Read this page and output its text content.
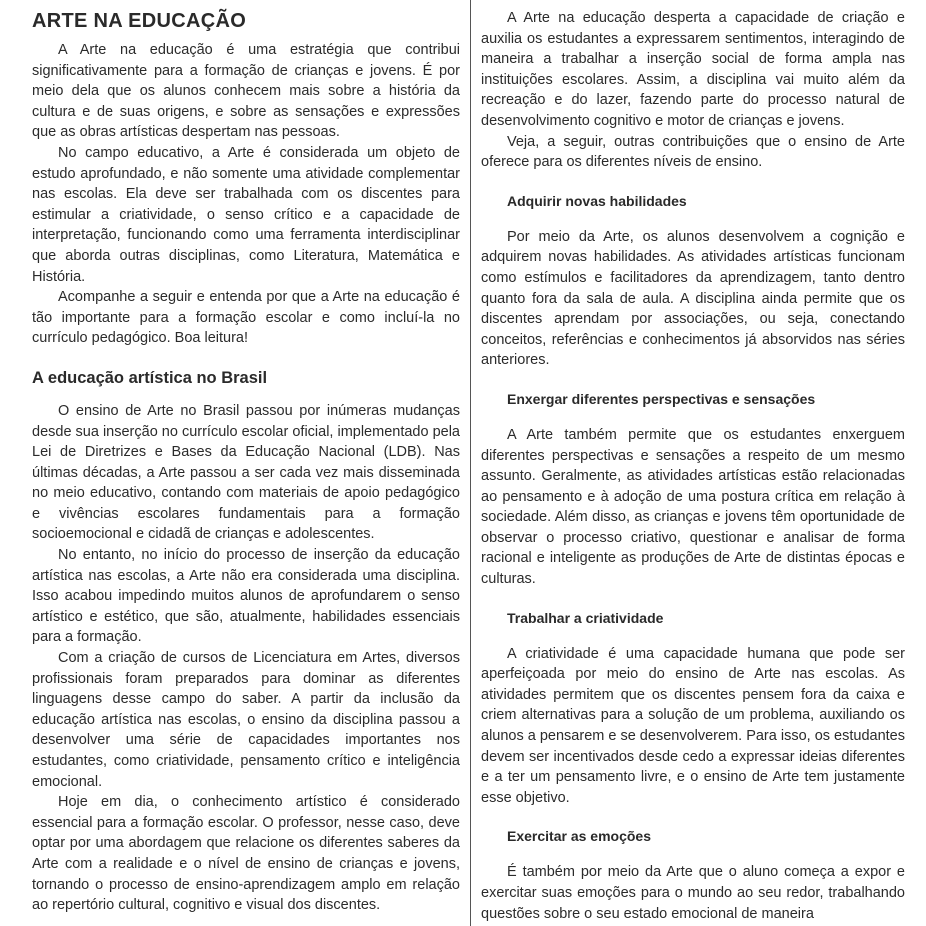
ARTE NA EDUCAÇÃO

A Arte na educação é uma estratégia que contribui significativamente para a formação de crianças e jovens. É por meio dela que os alunos conhecem mais sobre a história da cultura e de suas origens, e sobre as sensações e expressões que as obras artísticas despertam nas pessoas.

No campo educativo, a Arte é considerada um objeto de estudo aprofundado, e não somente uma atividade complementar nas escolas. Ela deve ser trabalhada com os discentes para estimular a criatividade, o senso crítico e a capacidade de interpretação, funcionando como uma ferramenta interdisciplinar que aborda outras disciplinas, como Literatura, Matemática e História.

Acompanhe a seguir e entenda por que a Arte na educação é tão importante para a formação escolar e como incluí-la no currículo pedagógico. Boa leitura!

A educação artística no Brasil

O ensino de Arte no Brasil passou por inúmeras mudanças desde sua inserção no currículo escolar oficial, implementado pela Lei de Diretrizes e Bases da Educação Nacional (LDB). Nas últimas décadas, a Arte passou a ser cada vez mais disseminada no meio educativo, contando com materiais de apoio pedagógico e vivências escolares fundamentais para a formação socioemocional e cidadã de crianças e adolescentes.

No entanto, no início do processo de inserção da educação artística nas escolas, a Arte não era considerada uma disciplina. Isso acabou impedindo muitos alunos de aprofundarem o senso artístico e estético, que são, atualmente, habilidades essenciais para a formação.

Com a criação de cursos de Licenciatura em Artes, diversos profissionais foram preparados para dominar as diferentes linguagens desse campo do saber. A partir da inclusão da educação artística nas escolas, o ensino da disciplina passou a desenvolver uma série de capacidades importantes nos estudantes, como criatividade, pensamento crítico e inteligência emocional.

Hoje em dia, o conhecimento artístico é considerado essencial para a formação escolar. O professor, nesse caso, deve optar por uma abordagem que relacione os diferentes saberes da Arte com a realidade e o nível de ensino de crianças e jovens, tornando o processo de ensino-aprendizagem amplo em relação ao repertório cultural, cognitivo e visual dos discentes.

A Arte na educação desperta a capacidade de criação e auxilia os estudantes a expressarem sentimentos, interagindo de maneira a trabalhar a inserção social de forma ampla nas instituições escolares. Assim, a disciplina vai muito além da recreação e do lazer, fazendo parte do processo natural de desenvolvimento cognitivo e motor de crianças e jovens.

Veja, a seguir, outras contribuições que o ensino de Arte oferece para os diferentes níveis de ensino.

Adquirir novas habilidades

Por meio da Arte, os alunos desenvolvem a cognição e adquirem novas habilidades. As atividades artísticas funcionam como estímulos e facilitadores da aprendizagem, tanto dentro quanto fora da sala de aula. A disciplina ainda permite que os discentes aprendam por associações, ou seja, conectando conceitos, referências e conhecimentos já absorvidos nas séries anteriores.

Enxergar diferentes perspectivas e sensações

A Arte também permite que os estudantes enxerguem diferentes perspectivas e sensações a respeito de um mesmo assunto. Geralmente, as atividades artísticas estão relacionadas ao pensamento e à adoção de uma postura crítica em relação à sociedade. Além disso, as crianças e jovens têm oportunidade de observar o processo criativo, questionar e analisar de forma racional e inteligente as produções de Arte de distintas épocas e culturas.

Trabalhar a criatividade

A criatividade é uma capacidade humana que pode ser aperfeiçoada por meio do ensino de Arte nas escolas. As atividades permitem que os discentes pensem fora da caixa e criem alternativas para a solução de um problema, auxiliando os alunos a pensarem e se desenvolverem. Para isso, os estudantes devem ser incentivados desde cedo a expressar ideias diferentes e a ter um pensamento livre, e o ensino de Arte tem justamente esse objetivo.

Exercitar as emoções

É também por meio da Arte que o aluno começa a expor e exercitar suas emoções para o mundo ao seu redor, trabalhando questões sobre o seu estado emocional de maneira
